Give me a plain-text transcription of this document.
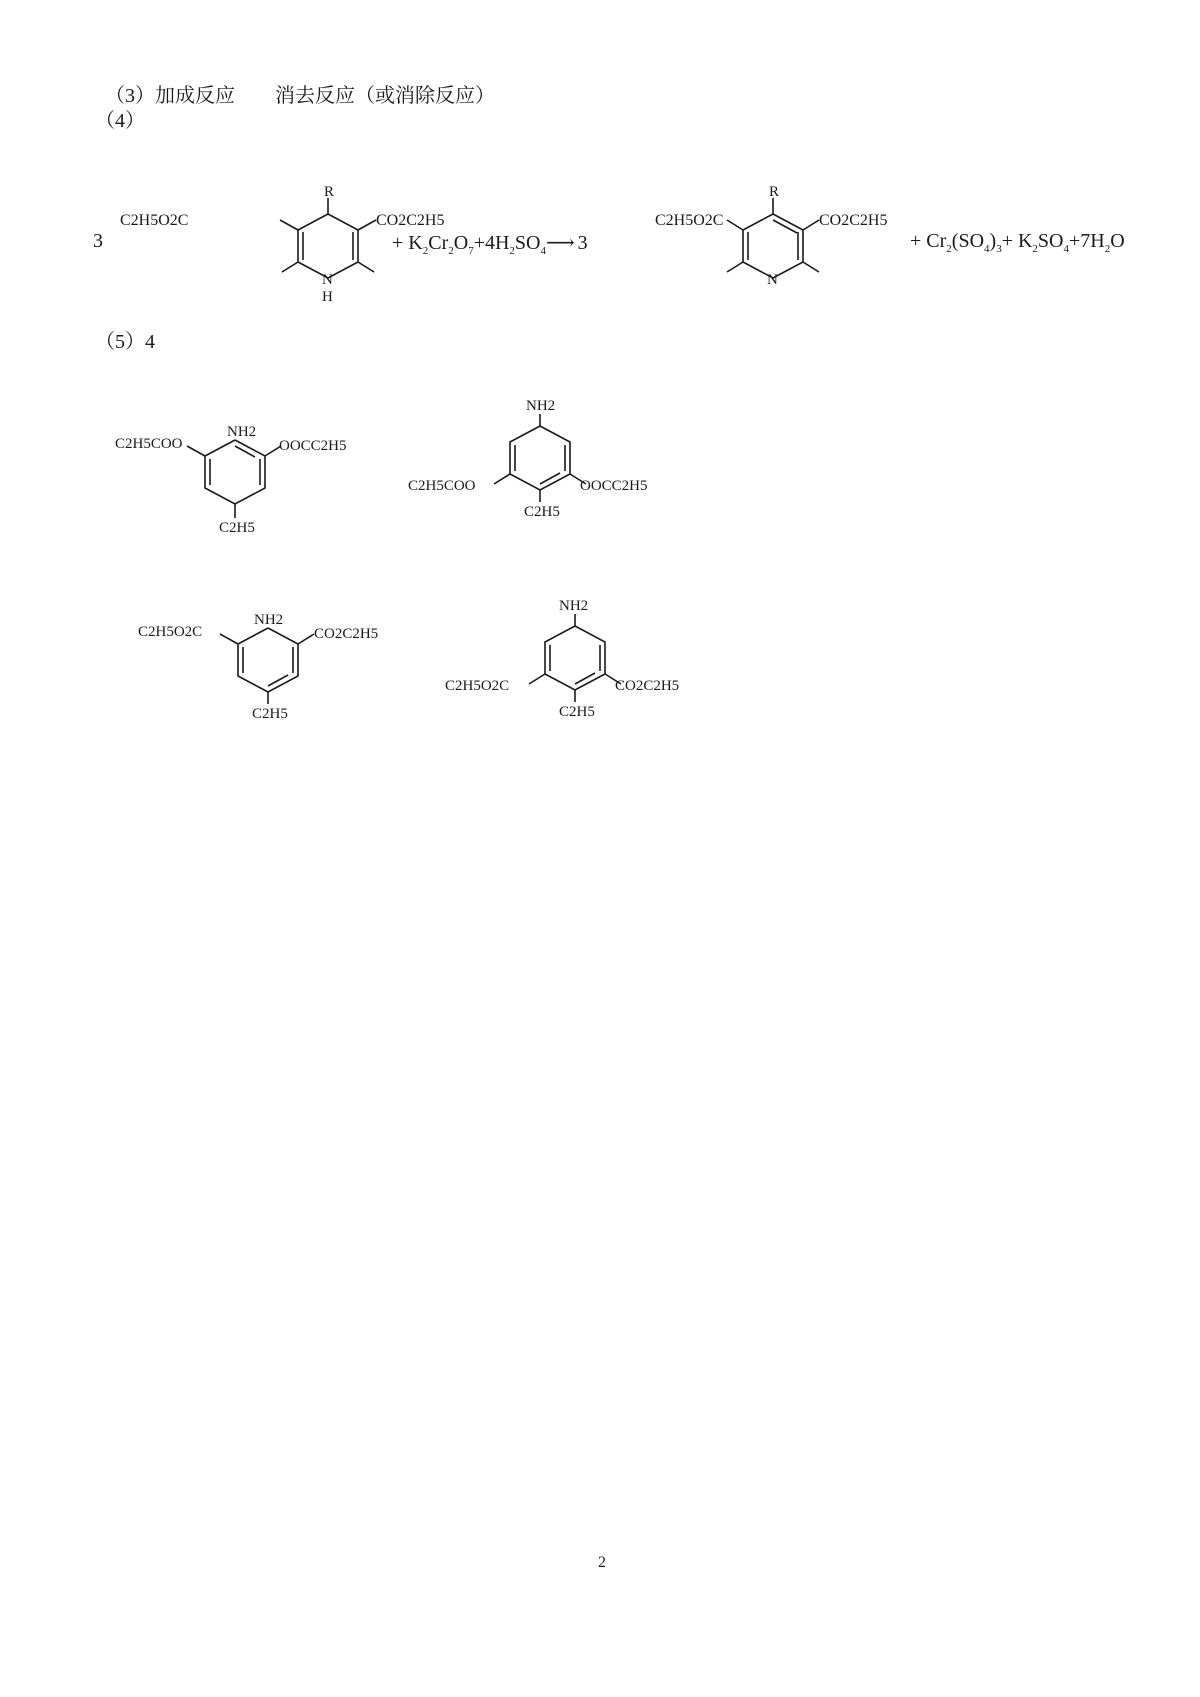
（3）加成反应 消去反应（或消除反应）

（4）
3
R
C2H5O2C	CO2C2H5
N
H
+ $K_2Cr_2O_7+4H_2SO_4⟶$ 3
R
C2H5O2C	CO2C2H5
N
+ $Cr_2(SO_4)_3+ K_2SO_4+7H_2O$
（5）4
NH2
C2H5COO	OOCC2H5
C2H5
NH2
C2H5COO	OOCC2H5
C2H5
NH2
C2H5O2C	CO2C2H5
C2H5
NH2
C2H5O2C	CO2C2H5
C2H5
2
